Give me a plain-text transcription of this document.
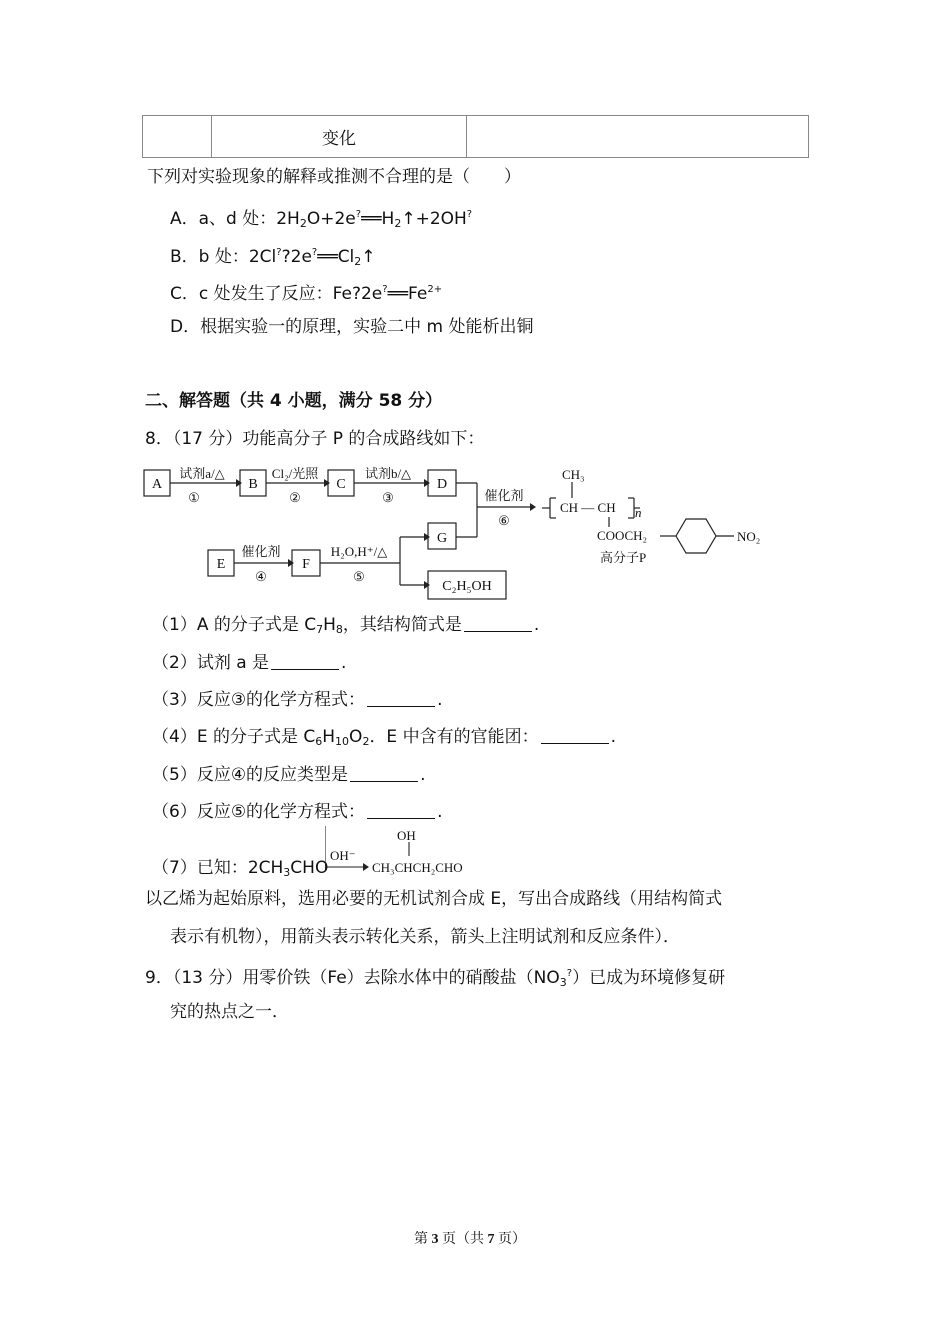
	变化	
下列对实验现象的解释或推测不合理的是（　　）
A．a、d 处：$2H_2O+2e^?══H_2↑+2OH^?$
B．b 处：$2Cl^??2e^?══Cl_2↑$
C．c 处发生了反应：$Fe?2e^?══Fe^{2+}$
D．根据实验一的原理，实验二中 m 处能析出铜
二、解答题（共 4 小题，满分 58 分）
8．（17 分）功能高分子 P 的合成路线如下：
A	B	C	D
E	F
G
C₂H₅OH
试剂a/△	Cl₂/光照	试剂b/△
催化剂	H₂O,H⁺/△
催化剂
①	②	③
④	⑤
⑥
CH₃
CH — CH n
COOCH₂	NO₂
高分子P
（1）A 的分子式是 $C_7H_8$，其结构简式是	.
（2）试剂 a 是	.
（3）反应③的化学方程式：	.
（4）E 的分子式是 $C_6H_{10}O_2$．E 中含有的官能团：	.
（5）反应④的反应类型是	.
（6）反应⑤的化学方程式：	.
（7）已知：$2CH_3CHO$
OH⁻
OH
CH₃CHCH₂CHO
以乙烯为起始原料，选用必要的无机试剂合成 E，写出合成路线（用结构简式
表示有机物），用箭头表示转化关系，箭头上注明试剂和反应条件）．
9．（13 分）用零价铁（Fe）去除水体中的硝酸盐$(NO_3^?)$已成为环境修复研
究的热点之一．
第 3 页（共 7 页）
